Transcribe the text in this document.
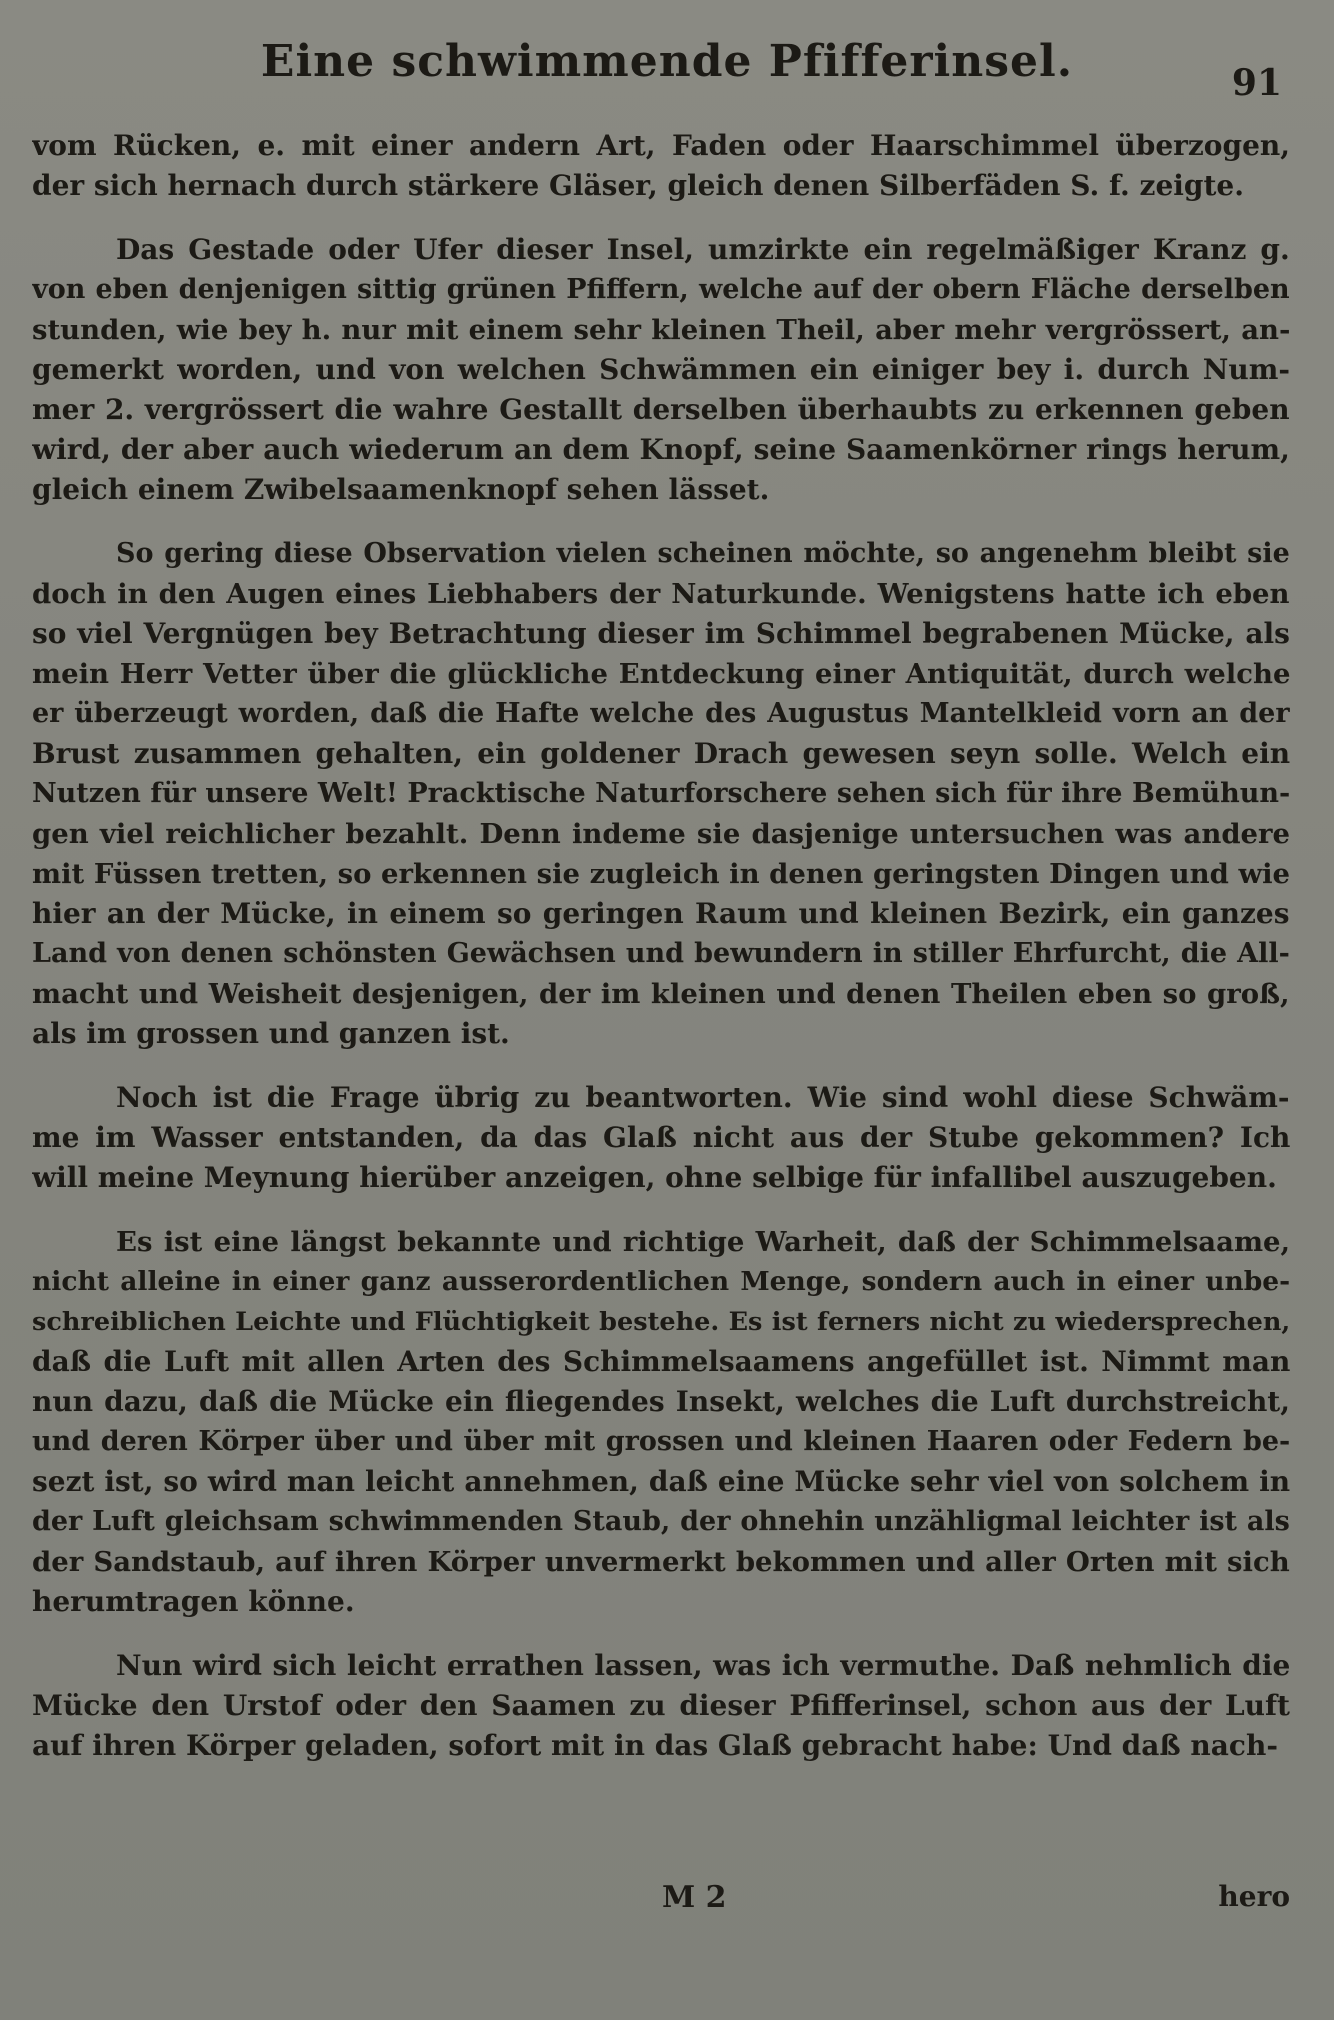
Eine schwimmende Pfifferinsel.	91
vom Rücken, e. mit einer andern Art, Faden oder Haarschimmel überzogen,
der sich hernach durch stärkere Gläser, gleich denen Silberfäden S. f. zeigte.
Das Gestade oder Ufer dieser Insel, umzirkte ein regelmäßiger Kranz g.
von eben denjenigen sittig grünen Pfiffern, welche auf der obern Fläche derselben
stunden, wie bey h. nur mit einem sehr kleinen Theil, aber mehr vergrössert, an-
gemerkt worden, und von welchen Schwämmen ein einiger bey i. durch Num-
mer 2. vergrössert die wahre Gestallt derselben überhaubts zu erkennen geben
wird, der aber auch wiederum an dem Knopf, seine Saamenkörner rings herum,
gleich einem Zwibelsaamenknopf sehen lässet.
So gering diese Observation vielen scheinen möchte, so angenehm bleibt sie
doch in den Augen eines Liebhabers der Naturkunde. Wenigstens hatte ich eben
so viel Vergnügen bey Betrachtung dieser im Schimmel begrabenen Mücke, als
mein Herr Vetter über die glückliche Entdeckung einer Antiquität, durch welche
er überzeugt worden, daß die Hafte welche des Augustus Mantelkleid vorn an der
Brust zusammen gehalten, ein goldener Drach gewesen seyn solle. Welch ein
Nutzen für unsere Welt! Pracktische Naturforschere sehen sich für ihre Bemühun-
gen viel reichlicher bezahlt. Denn indeme sie dasjenige untersuchen was andere
mit Füssen tretten, so erkennen sie zugleich in denen geringsten Dingen und wie
hier an der Mücke, in einem so geringen Raum und kleinen Bezirk, ein ganzes
Land von denen schönsten Gewächsen und bewundern in stiller Ehrfurcht, die All-
macht und Weisheit desjenigen, der im kleinen und denen Theilen eben so groß,
als im grossen und ganzen ist.
Noch ist die Frage übrig zu beantworten. Wie sind wohl diese Schwäm-
me im Wasser entstanden, da das Glaß nicht aus der Stube gekommen? Ich
will meine Meynung hierüber anzeigen, ohne selbige für infallibel auszugeben.
Es ist eine längst bekannte und richtige Warheit, daß der Schimmelsaame,
nicht alleine in einer ganz ausserordentlichen Menge, sondern auch in einer unbe-
schreiblichen Leichte und Flüchtigkeit bestehe. Es ist ferners nicht zu wiedersprechen,
daß die Luft mit allen Arten des Schimmelsaamens angefüllet ist. Nimmt man
nun dazu, daß die Mücke ein fliegendes Insekt, welches die Luft durchstreicht,
und deren Körper über und über mit grossen und kleinen Haaren oder Federn be-
sezt ist, so wird man leicht annehmen, daß eine Mücke sehr viel von solchem in
der Luft gleichsam schwimmenden Staub, der ohnehin unzähligmal leichter ist als
der Sandstaub, auf ihren Körper unvermerkt bekommen und aller Orten mit sich
herumtragen könne.
Nun wird sich leicht errathen lassen, was ich vermuthe. Daß nehmlich die
Mücke den Urstof oder den Saamen zu dieser Pfifferinsel, schon aus der Luft
auf ihren Körper geladen, sofort mit in das Glaß gebracht habe: Und daß nach-
M 2	hero
